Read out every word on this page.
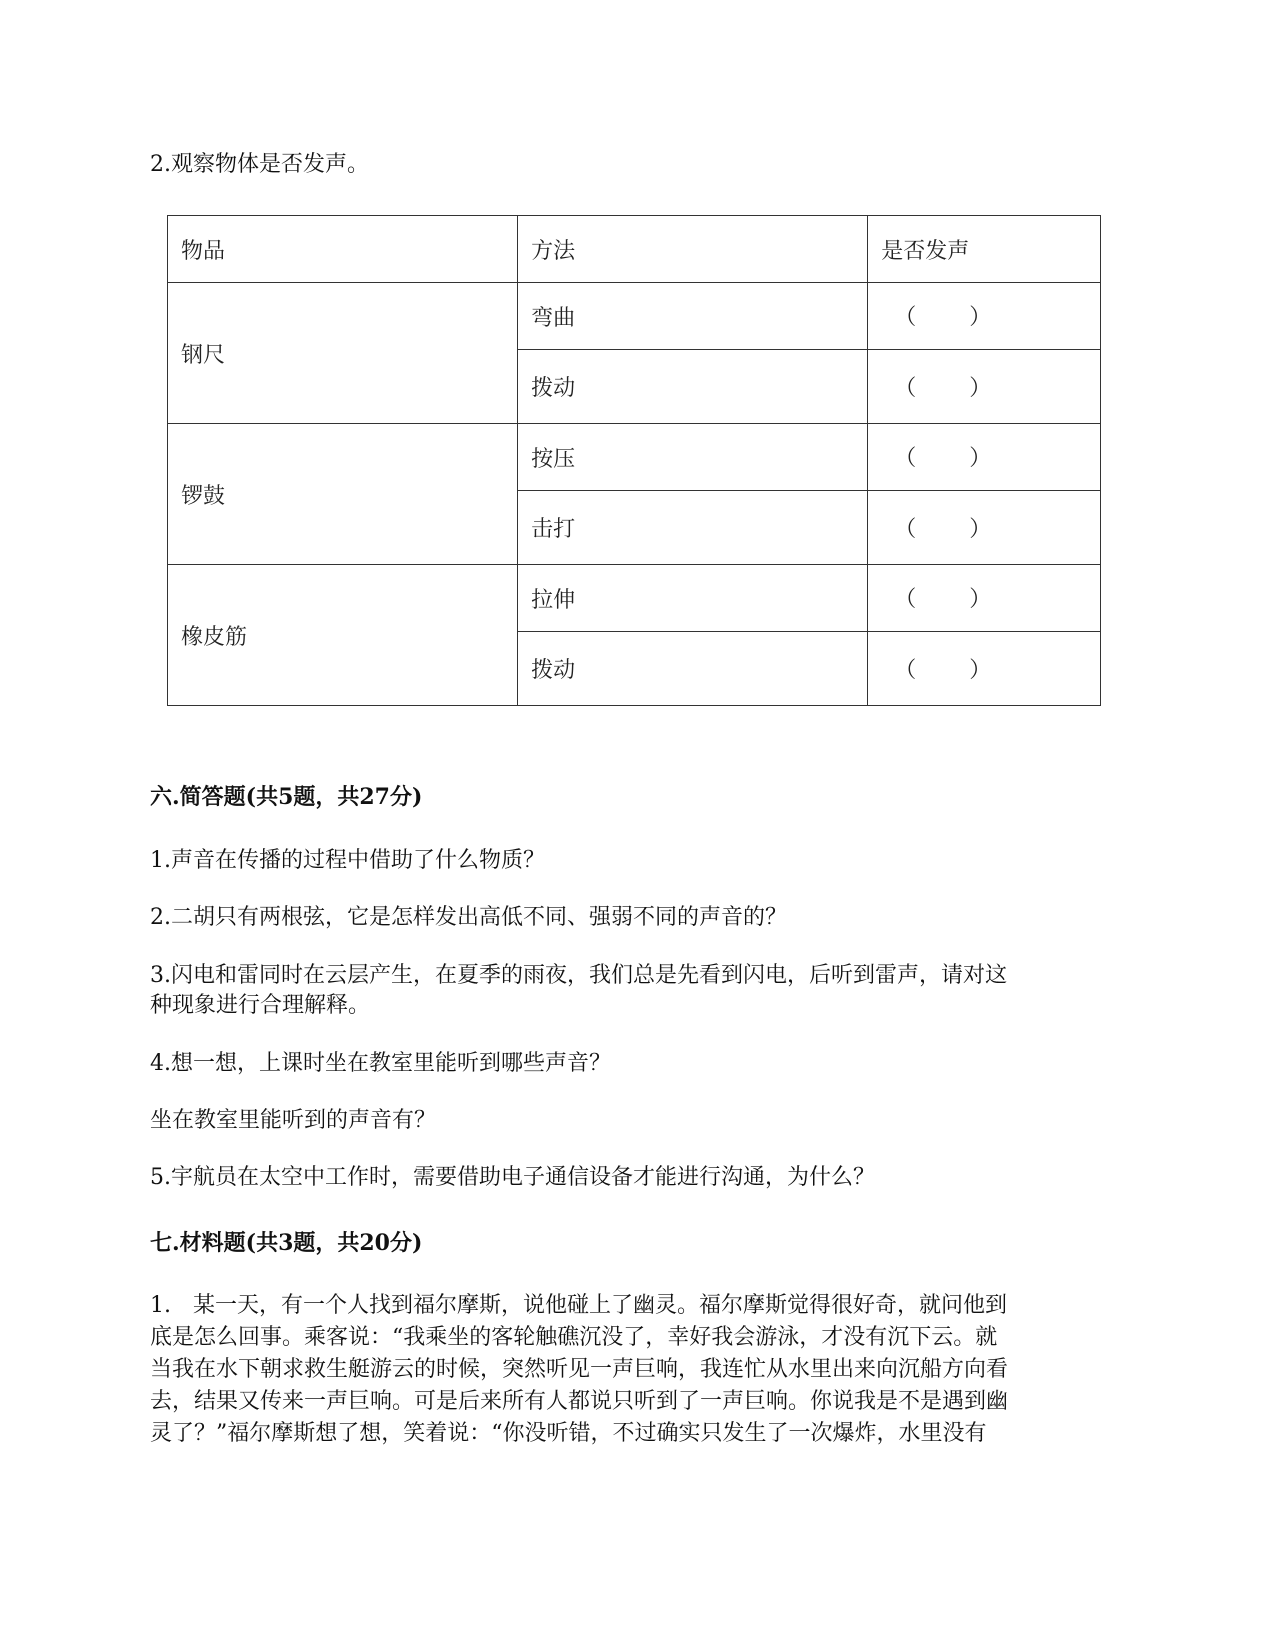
2.观察物体是否发声。
物品	方法	是否发声
钢尺	弯曲	（ ）

	拨动	（ ）

锣鼓	按压	（ ）

	击打	（ ）

橡皮筋	拉伸	（ ）

	拨动	（ ）
六.简答题(共5题，共27分)
1.声音在传播的过程中借助了什么物质？
2.二胡只有两根弦，它是怎样发出高低不同、强弱不同的声音的？
3.闪电和雷同时在云层产生，在夏季的雨夜，我们总是先看到闪电，后听到雷声，请对这
种现象进行合理解释。
4.想一想，上课时坐在教室里能听到哪些声音？
坐在教室里能听到的声音有？
5.宇航员在太空中工作时，需要借助电子通信设备才能进行沟通，为什么？
七.材料题(共3题，共20分)
1.　某一天，有一个人找到福尔摩斯，说他碰上了幽灵。福尔摩斯觉得很好奇，就问他到
底是怎么回事。乘客说：“我乘坐的客轮触礁沉没了，幸好我会游泳，才没有沉下云。就
当我在水下朝求救生艇游云的时候，突然听见一声巨响，我连忙从水里出来向沉船方向看
去，结果又传来一声巨响。可是后来所有人都说只听到了一声巨响。你说我是不是遇到幽
灵了？”福尔摩斯想了想，笑着说：“你没听错，不过确实只发生了一次爆炸，水里没有
